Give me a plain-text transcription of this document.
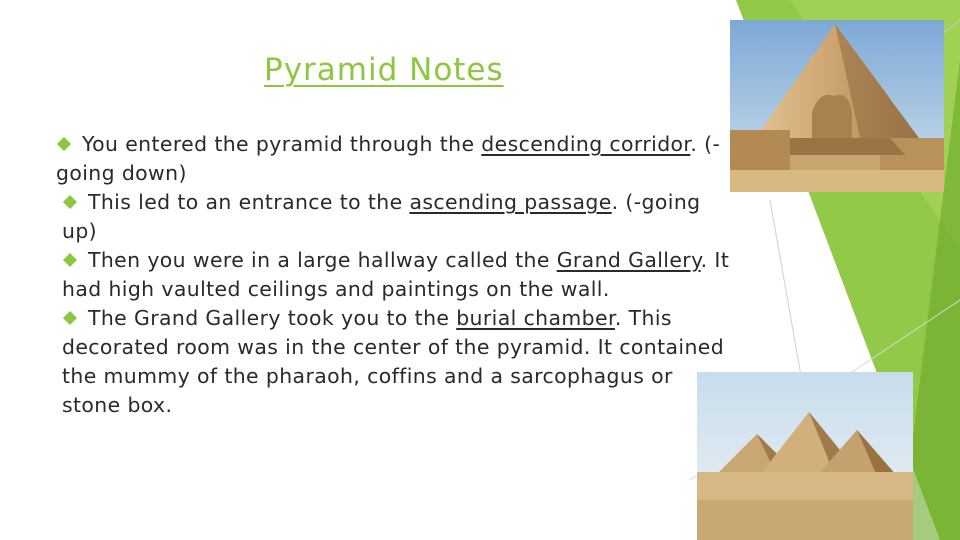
Pyramid Notes
You entered the pyramid through the descending corridor. (-going down)
This led to an entrance to the ascending passage. (-going up)
Then you were in a large hallway called the Grand Gallery. It had high vaulted ceilings and paintings on the wall.
The Grand Gallery took you to the burial chamber. This decorated room was in the center of the pyramid. It contained the mummy of the pharaoh, coffins and a sarcophagus or stone box.
